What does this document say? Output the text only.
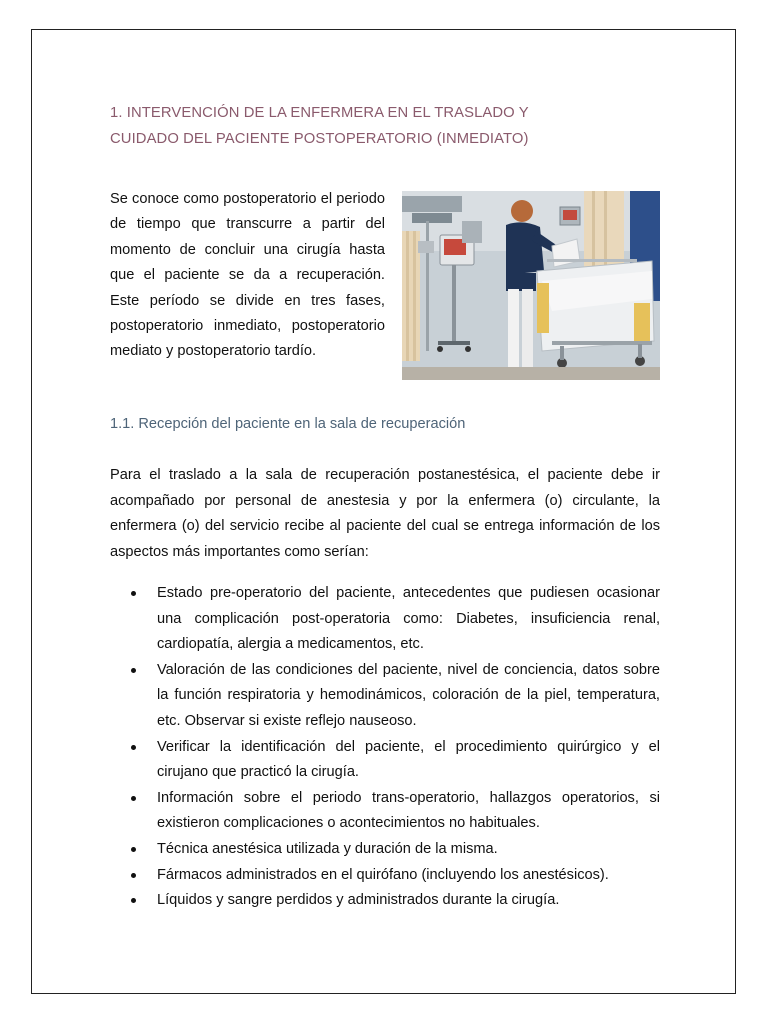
1. INTERVENCIÓN DE LA ENFERMERA EN EL TRASLADO Y
CUIDADO DEL PACIENTE POSTOPERATORIO (INMEDIATO)
Se conoce como postoperatorio el periodo de tiempo que transcurre a partir del momento de concluir una cirugía hasta que el paciente se da a recuperación. Este período se divide en tres fases, postoperatorio inmediato, postoperatorio mediato y postoperatorio tardío.
1.1. Recepción del paciente en la sala de recuperación
Para el traslado a la sala de recuperación postanestésica, el paciente debe ir acompañado por personal de anestesia y por la enfermera (o) circulante, la enfermera (o) del servicio recibe al paciente del cual se entrega información de los aspectos más importantes como serían:
Estado pre-operatorio del paciente, antecedentes que pudiesen ocasionar una complicación post-operatoria como: Diabetes, insuficiencia renal, cardiopatía, alergia a medicamentos, etc.
Valoración de las condiciones del paciente, nivel de conciencia, datos sobre la función respiratoria y hemodinámicos, coloración de la piel, temperatura, etc. Observar si existe reflejo nauseoso.
Verificar la identificación del paciente, el procedimiento quirúrgico y el cirujano que practicó la cirugía.
Información sobre el periodo trans-operatorio, hallazgos operatorios, si existieron complicaciones o acontecimientos no habituales.
Técnica anestésica utilizada y duración de la misma.
Fármacos administrados en el quirófano (incluyendo los anestésicos).
Líquidos y sangre perdidos y administrados durante la cirugía.
